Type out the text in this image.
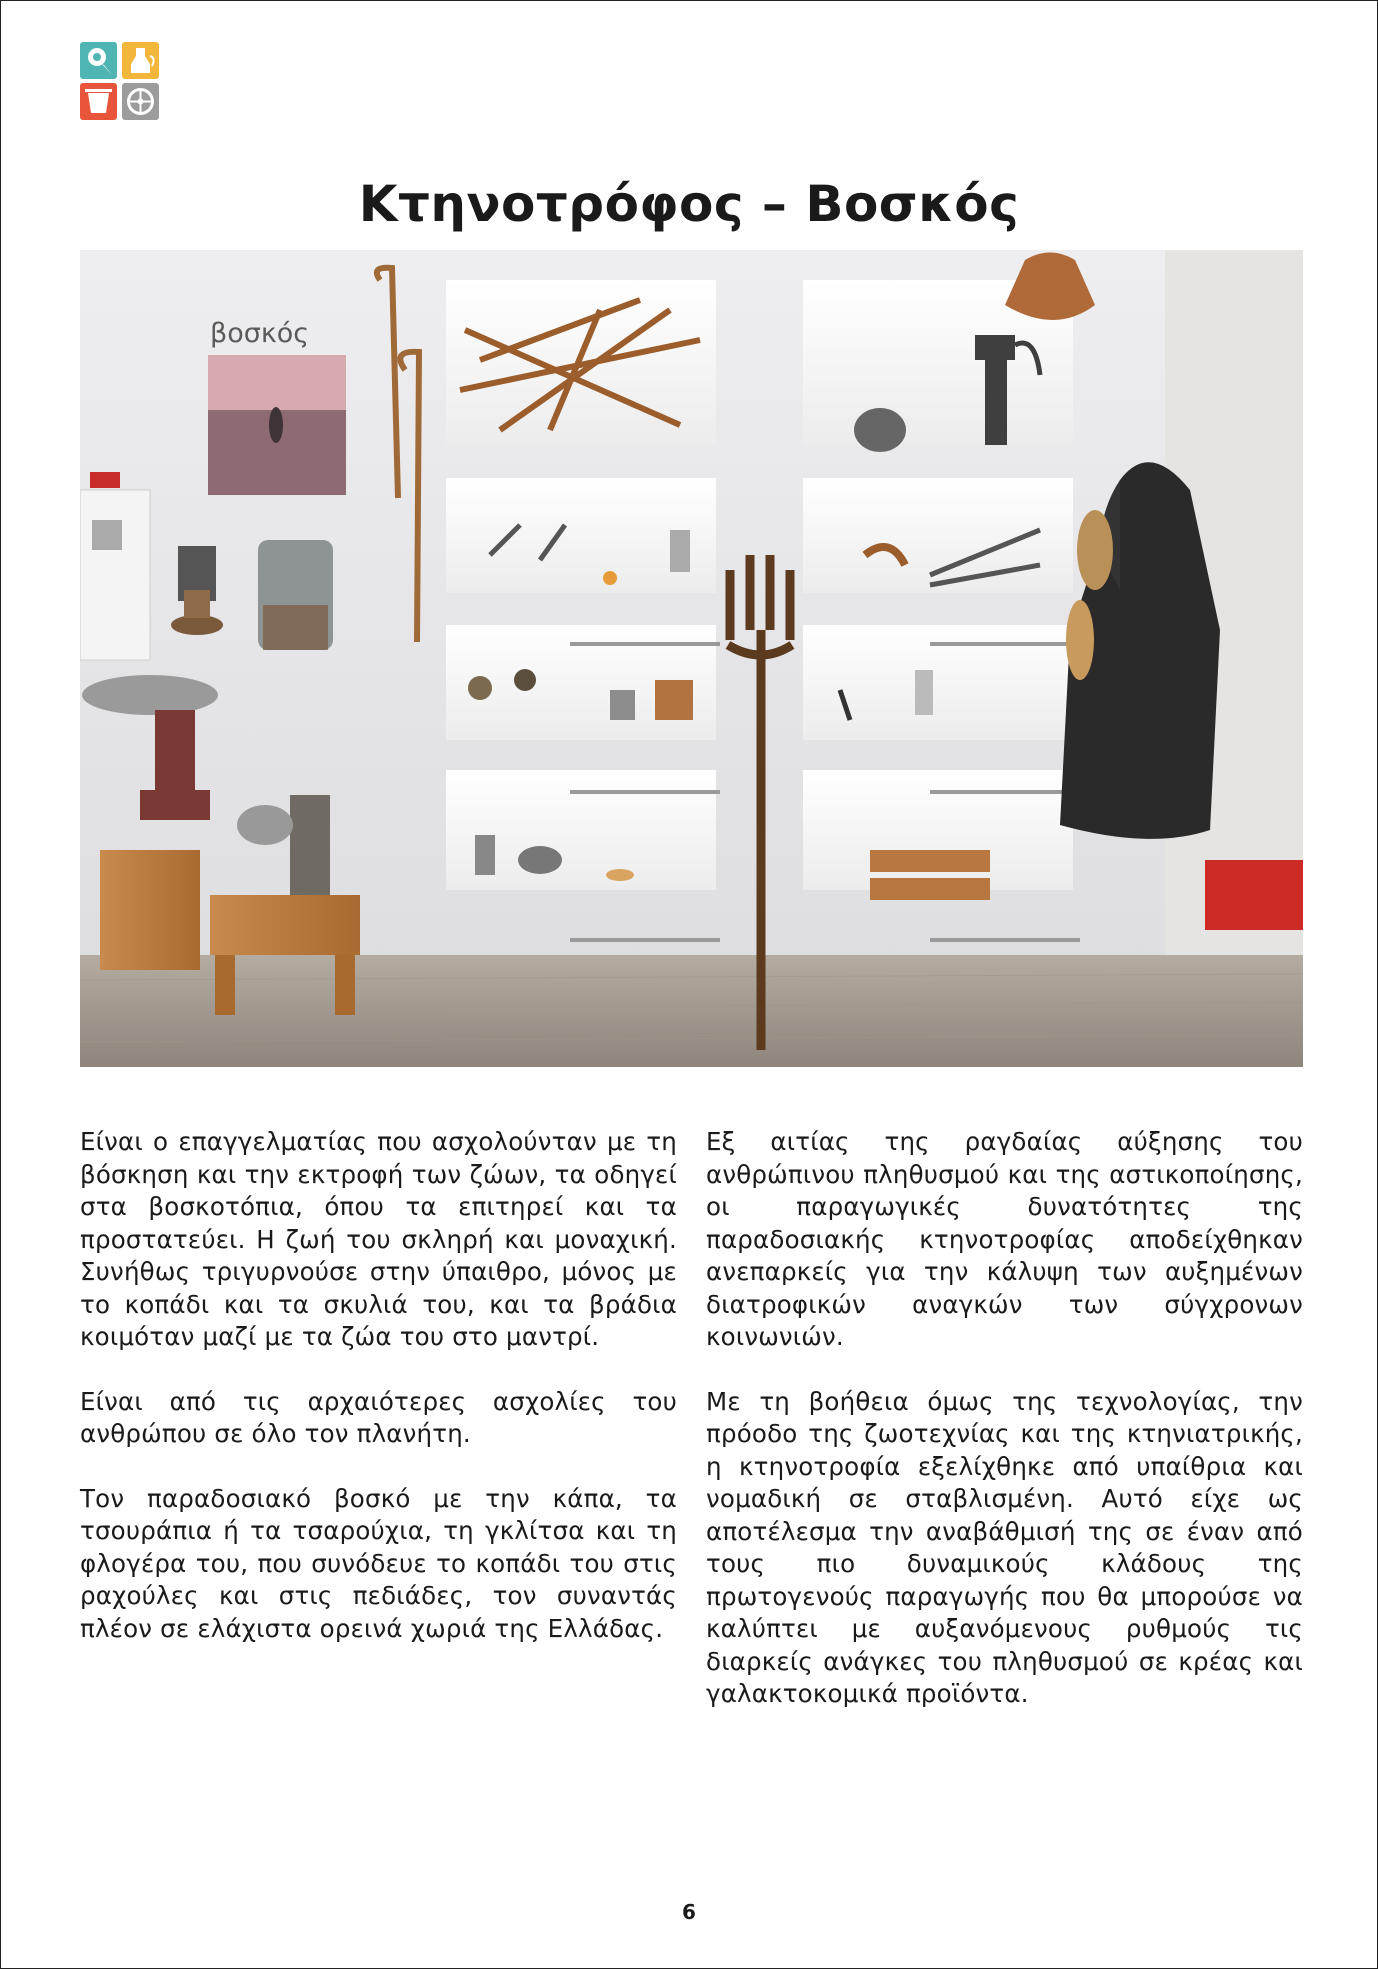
Κτηνοτρόφος – Βοσκός
βοσκός

Είναι ο επαγγελματίας που ασχολούνταν με τη βόσκηση και την εκτροφή των ζώων, τα οδηγεί στα βοσκοτόπια, όπου τα επιτηρεί και τα προστατεύει. Η ζωή του σκληρή και μοναχική. Συνήθως τριγυρνούσε στην ύπαιθρο, μόνος με το κοπάδι και τα σκυλιά του, και τα βράδια κοιμόταν μαζί με τα ζώα του στο μαντρί.

Είναι από τις αρχαιότερες ασχολίες του ανθρώπου σε όλο τον πλανήτη.

Τον παραδοσιακό βοσκό με την κάπα, τα τσουράπια ή τα τσαρούχια, τη γκλίτσα και τη φλογέρα του, που συνόδευε το κοπάδι του στις ραχούλες και στις πεδιάδες, τον συναντάς πλέον σε ελάχιστα ορεινά χωριά της Ελλάδας.

Εξ αιτίας της ραγδαίας αύξησης του ανθρώπινου πληθυσμού και της αστικοποίησης, οι παραγωγικές δυνατότητες της παραδοσιακής κτηνοτροφίας αποδείχθηκαν ανεπαρκείς για την κάλυψη των αυξημένων διατροφικών αναγκών των σύγχρονων κοινωνιών.

Με τη βοήθεια όμως της τεχνολογίας, την πρόοδο της ζωοτεχνίας και της κτηνιατρικής, η κτηνοτροφία εξελίχθηκε από υπαίθρια και νομαδική σε σταβλισμένη. Αυτό είχε ως αποτέλεσμα την αναβάθμισή της σε έναν από τους πιο δυναμικούς κλάδους της πρωτογενούς παραγωγής που θα μπορούσε να καλύπτει με αυξανόμενους ρυθμούς τις διαρκείς ανάγκες του πληθυσμού σε κρέας και γαλακτοκομικά προϊόντα.

6
